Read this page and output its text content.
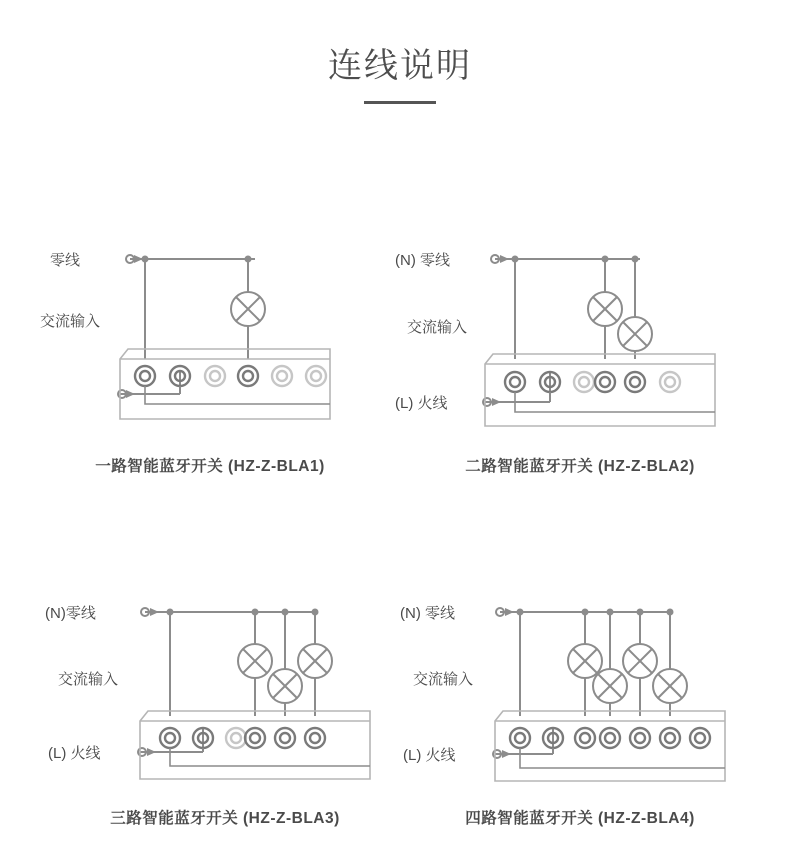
连线说明
零线
交流输入
一路智能蓝牙开关 (HZ-Z-BLA1)
(N) 零线
交流输入
(L) 火线
二路智能蓝牙开关 (HZ-Z-BLA2)
(N)零线
交流输入
(L) 火线
三路智能蓝牙开关 (HZ-Z-BLA3)
(N) 零线
交流输入
(L) 火线
四路智能蓝牙开关 (HZ-Z-BLA4)
